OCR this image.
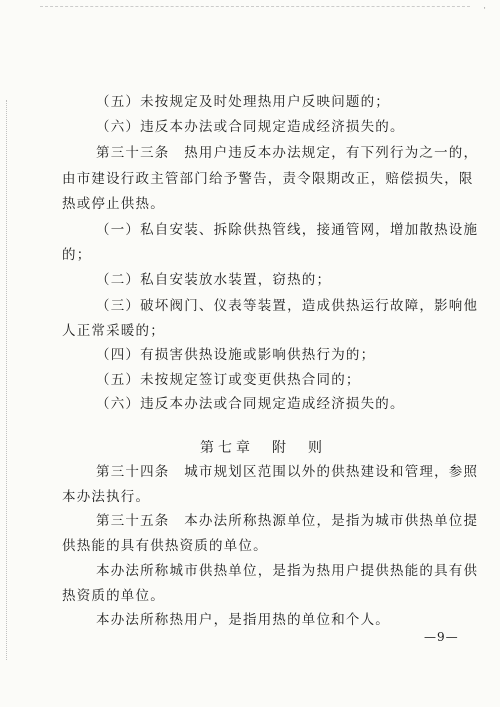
·
（五）未按规定及时处理热用户反映问题的；
（六）违反本办法或合同规定造成经济损失的。
第三十三条　热用户违反本办法规定，有下列行为之一的，
由市建设行政主管部门给予警告，责令限期改正，赔偿损失，限
热或停止供热。
（一）私自安装、拆除供热管线，接通管网，增加散热设施
的；
（二）私自安装放水装置，窃热的；
（三）破坏阀门、仪表等装置，造成供热运行故障，影响他
人正常采暖的；
（四）有损害供热设施或影响供热行为的；
（五）未按规定签订或变更供热合同的；
（六）违反本办法或合同规定造成经济损失的。
第七章　附　则
第三十四条　城市规划区范围以外的供热建设和管理，参照
本办法执行。
第三十五条　本办法所称热源单位，是指为城市供热单位提
供热能的具有供热资质的单位。
本办法所称城市供热单位，是指为热用户提供热能的具有供
热资质的单位。
本办法所称热用户，是指用热的单位和个人。
—9—
